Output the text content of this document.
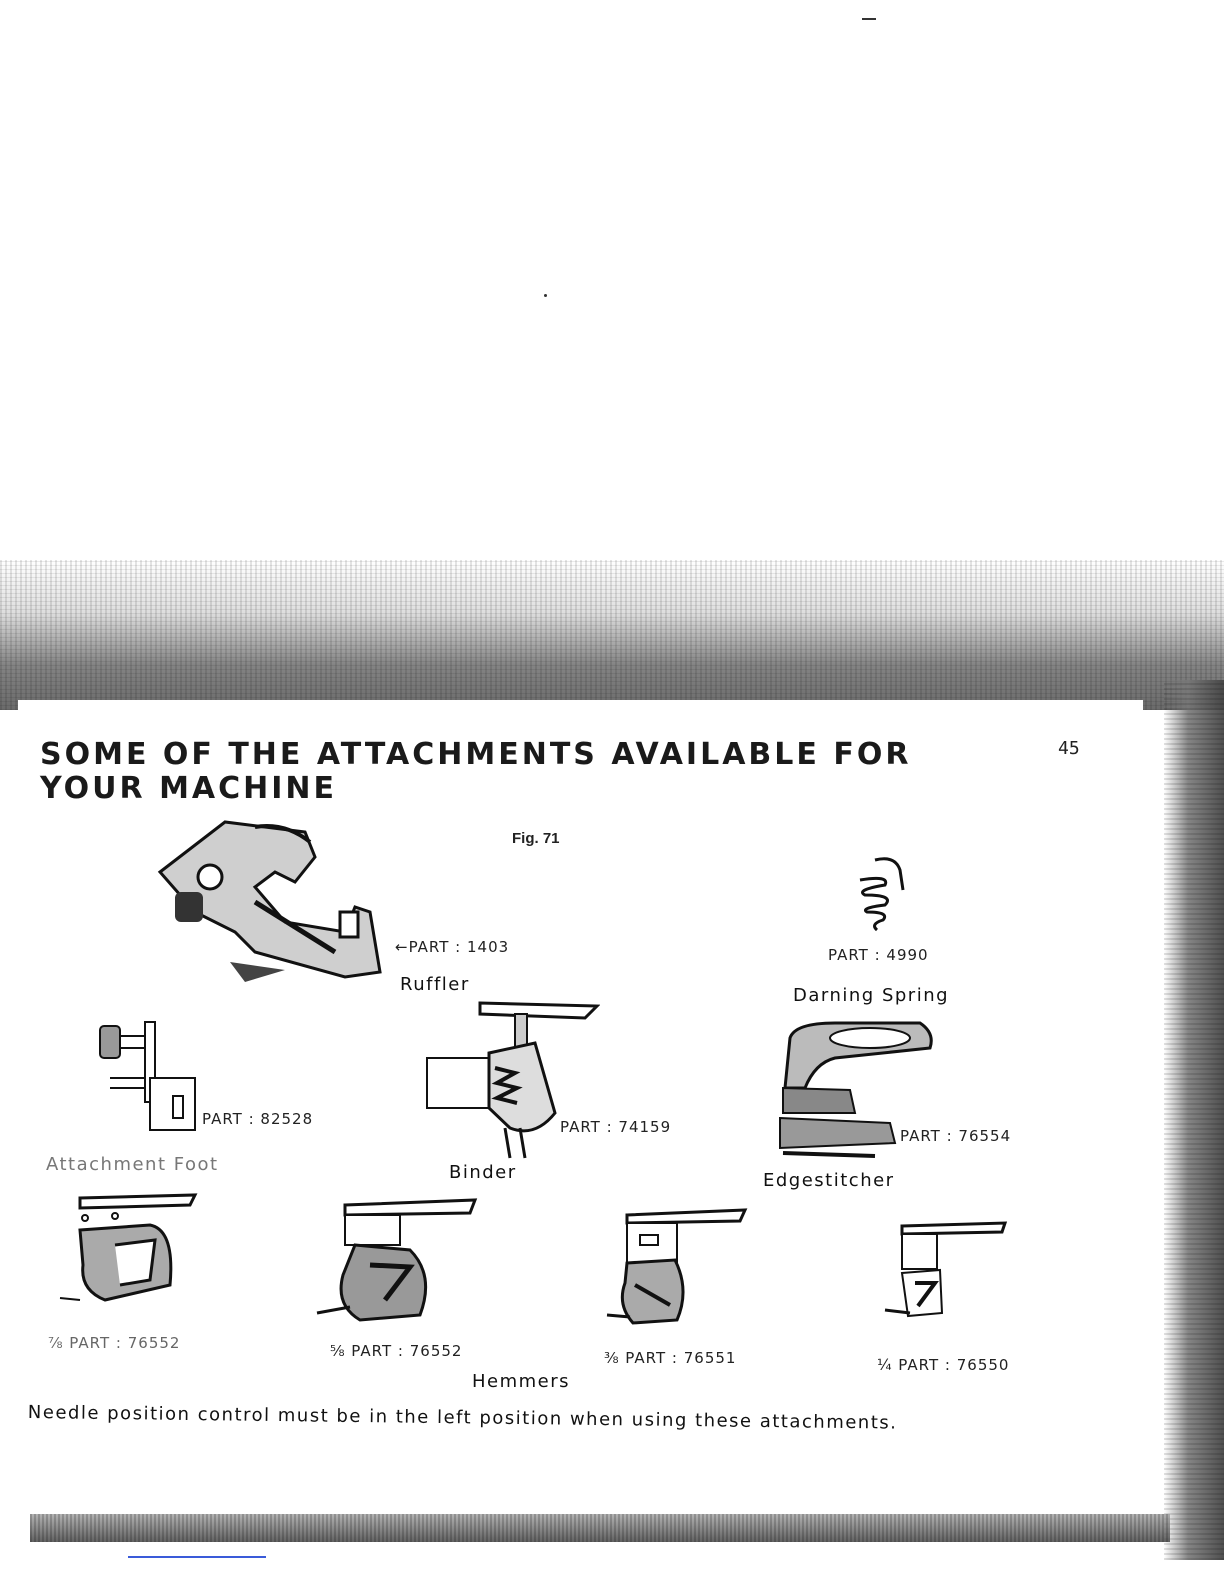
SOME OF THE ATTACHMENTS AVAILABLE FOR
YOUR MACHINE
45
Fig. 71
←PART : 1403
Ruffler
PART : 4990
Darning Spring
PART : 82528
Attachment Foot
PART : 74159
Binder
PART : 76554
Edgestitcher
⅞ PART : 76552	⅝ PART : 76552	⅜ PART : 76551	¼ PART : 76550
Hemmers
Needle position control must be in the left position when using these attachments.
